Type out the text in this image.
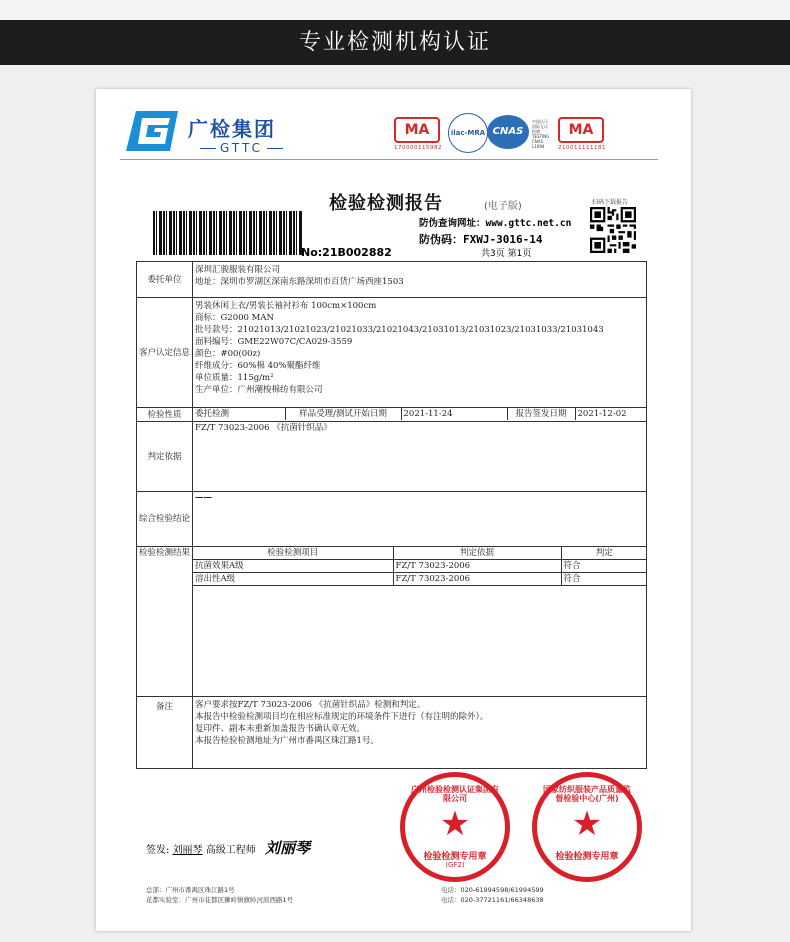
专业检测机构认证
广检集团
GTTC
MA
170000115982
ilac-MRA CNAS
中国认可
国际互认
检测
TESTING
CNAS L1094
MA
210011111181
检验检测报告	(电子版)
No:21B002882
防伪查询网址：www.gttc.net.cn
防伪码：FXWJ-3016-14
共3页 第1页
扫码下载报告
委托单位	
深圳汇骏服装有限公司
地址：深圳市罗湖区深南东路深圳市百货广场西座1503

客户认定信息	
男装休闲上衣/男装长袖衬衫布 100cm×100cm
商标：G2000 MAN
批号款号：21021013/21021023/21021033/21021043/21031013/21031023/21031033/21031043
面料编号：GME22W07C/CA029-3559
颜色：#00(00z)
纤维成分：60%棉 40%聚酯纤维
单位质量：115g/m²
生产单位：广州潮梭棉纺有限公司

检验性质	委托检测	样品受理/测试开始日期	2021-11-24	报告签发日期	2021-12-02

判定依据	FZ/T 73023-2006 《抗菌针织品》
综合检验结论	——
检验检测结果		检验检测项目	判定依据	判定
抗菌效果A级	FZ/T 73023-2006	符合
溶出性A级	FZ/T 73023-2006	符合

备注	客户要求按FZ/T 73023-2006 《抗菌针织品》检测和判定。
本报告中检验检测项目均在相应标准规定的环境条件下进行（有注明的除外）。
复印件、副本未重新加盖报告书确认章无效。
本报告检验检测地址为广州市番禺区珠江路1号。
签发: 刘丽琴 高级工程师 刘丽琴
广州检验检测认证集团有限公司
★
检验检测专用章
(GF2)
国家纺织服装产品质量监督检验中心(广州)
★
检验检测专用章
总部：广州市番禺区珠江路1号
花都实验室：广州市花都区狮岭镇旗岭河滨西路1号
电话：020-61994598/61994599
电话：020-37721161/66348638
